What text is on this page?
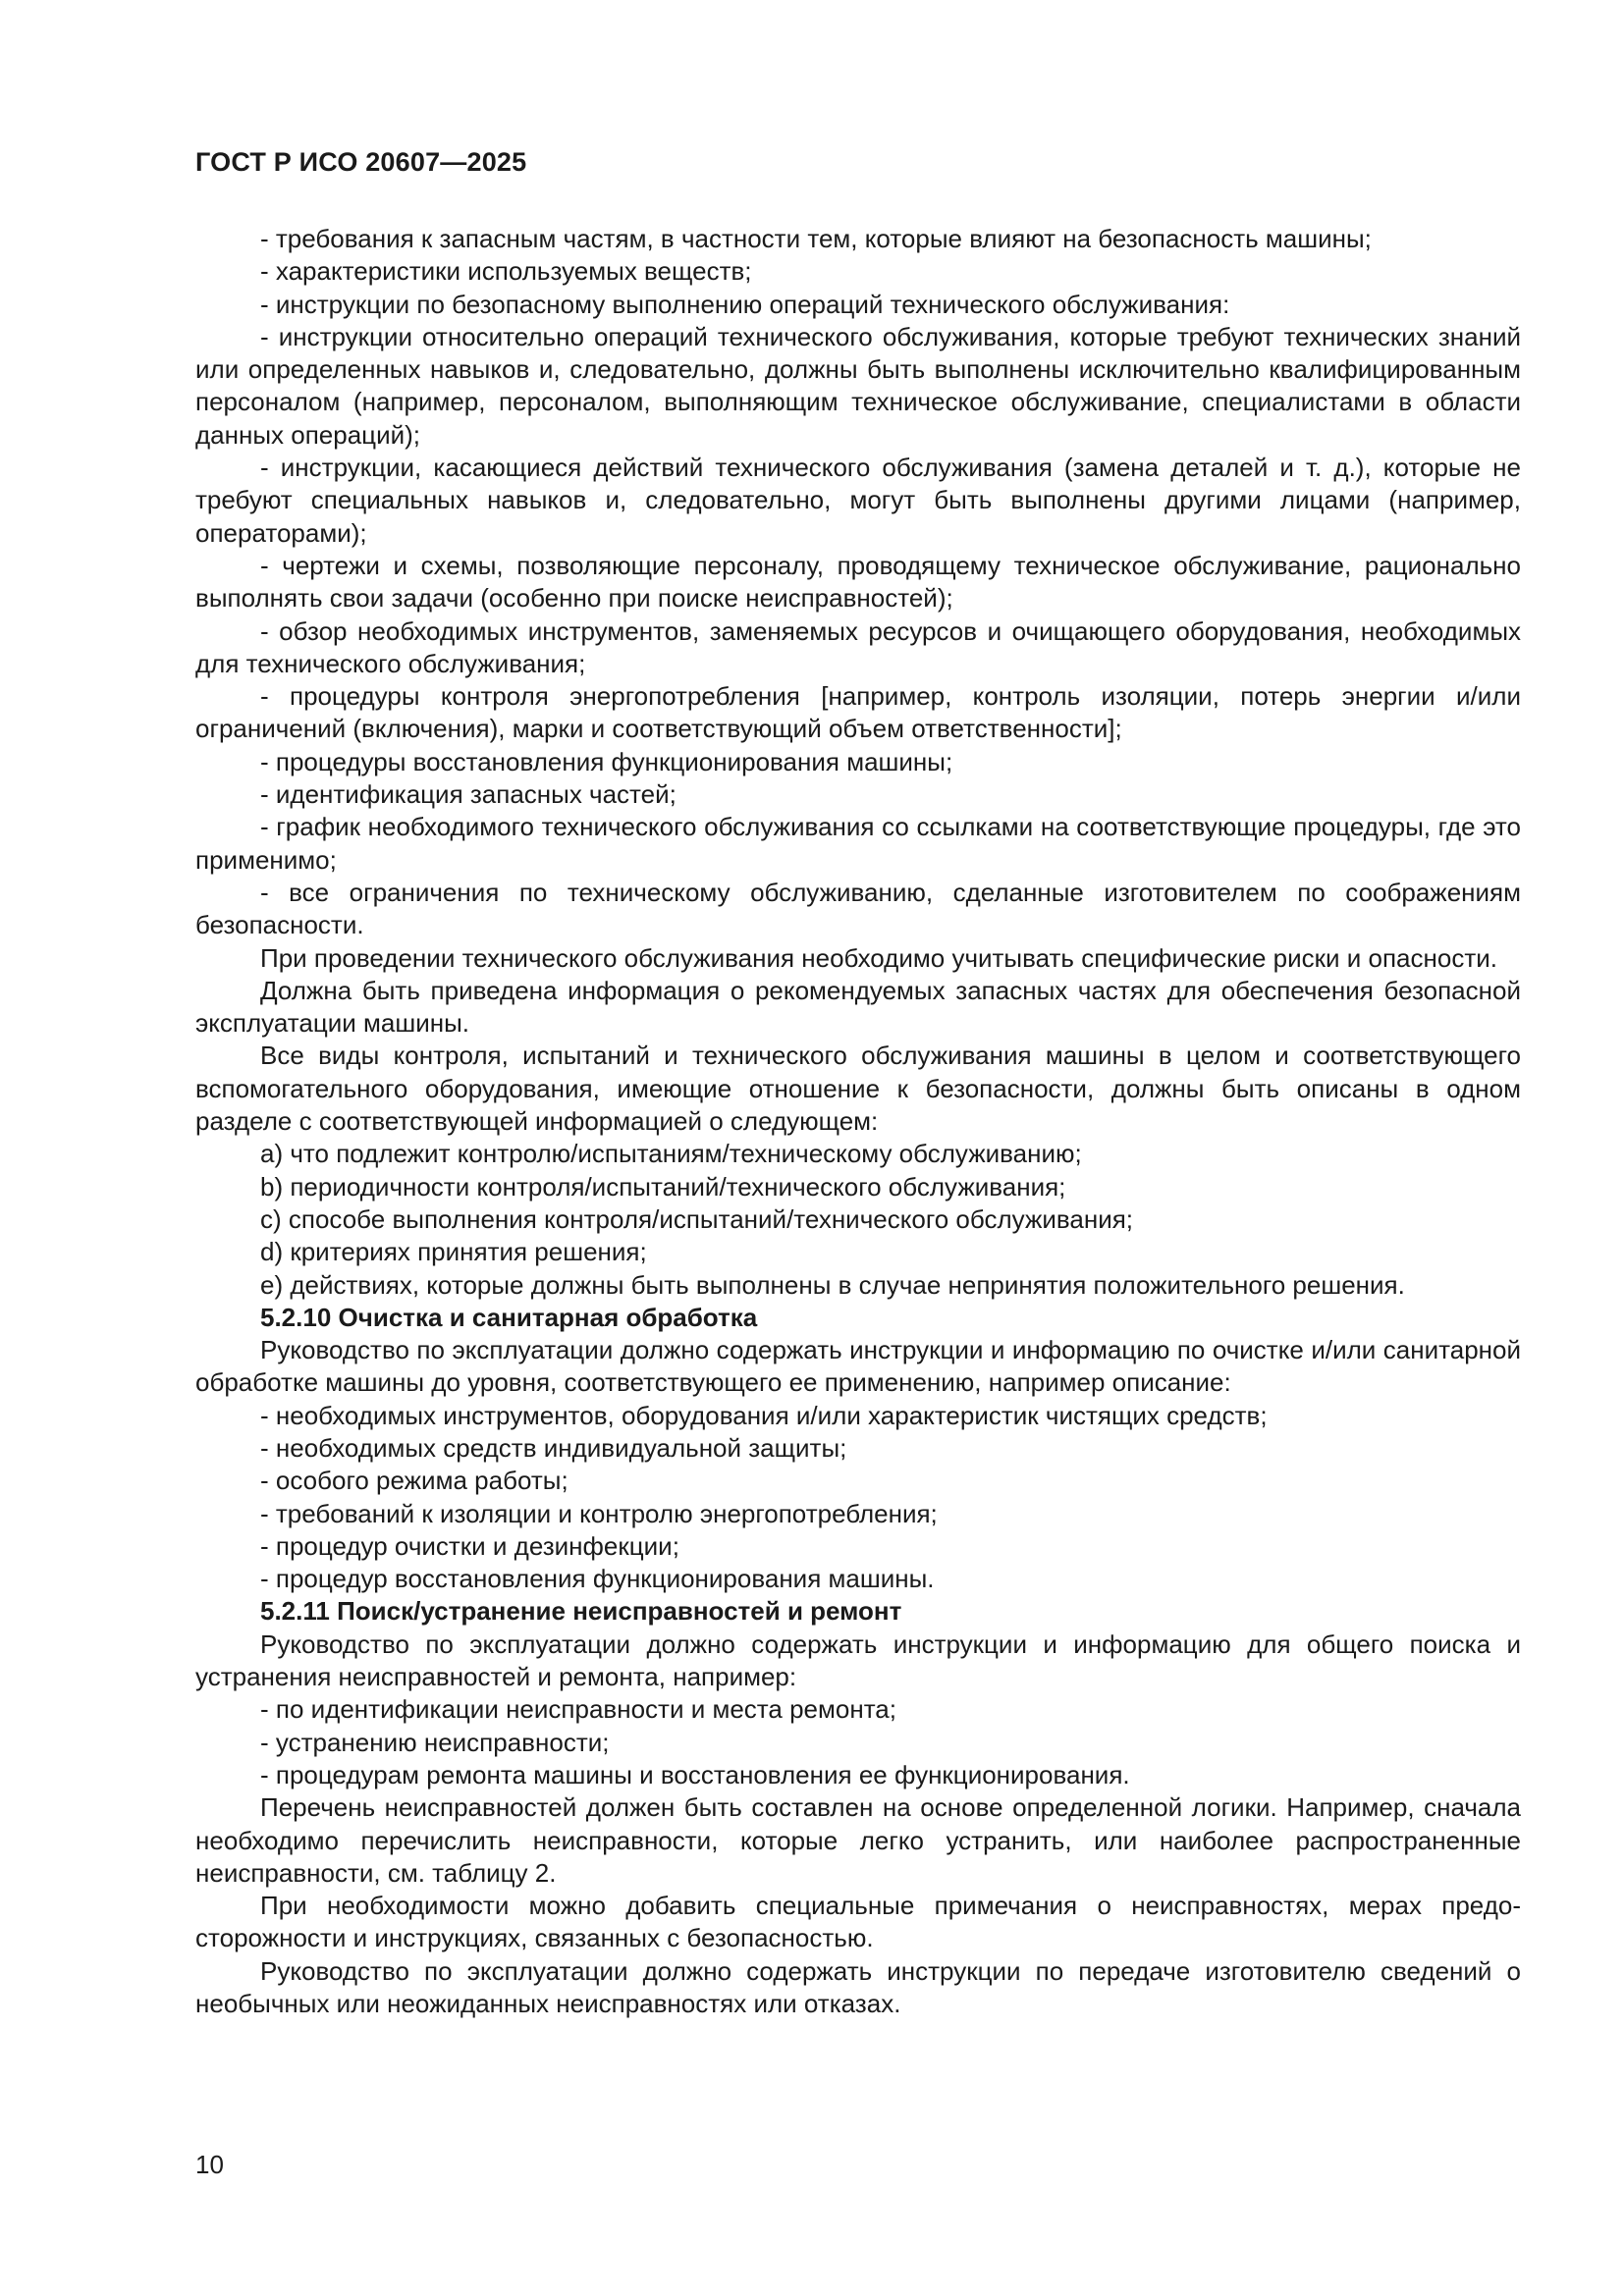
ГОСТ Р ИСО 20607—2025

- требования к запасным частям, в частности тем, которые влияют на безопасность машины;

- характеристики используемых веществ;

- инструкции по безопасному выполнению операций технического обслуживания:

- инструкции относительно операций технического обслуживания, которые требуют технических знаний или определенных навыков и, следовательно, должны быть выполнены исключительно квалифицированным персоналом (например, персоналом, выполняющим техническое обслуживание, специалистами в области данных операций);

- инструкции, касающиеся действий технического обслуживания (замена деталей и т. д.), которые не требуют специальных навыков и, следовательно, могут быть выполнены другими лицами (например, операторами);

- чертежи и схемы, позволяющие персоналу, проводящему техническое обслуживание, рационально выполнять свои задачи (особенно при поиске неисправностей);

- обзор необходимых инструментов, заменяемых ресурсов и очищающего оборудования, необходимых для технического обслуживания;

- процедуры контроля энергопотребления [например, контроль изоляции, потерь энергии и/или ограничений (включения), марки и соответствующий объем ответственности];

- процедуры восстановления функционирования машины;

- идентификация запасных частей;

- график необходимого технического обслуживания со ссылками на соответствующие процедуры, где это применимо;

- все ограничения по техническому обслуживанию, сделанные изготовителем по соображениям безопасности.

При проведении технического обслуживания необходимо учитывать специфические риски и опасности.

Должна быть приведена информация о рекомендуемых запасных частях для обеспечения безопасной эксплуатации машины.

Все виды контроля, испытаний и технического обслуживания машины в целом и соответствующего вспомогательного оборудования, имеющие отношение к безопасности, должны быть описаны в одном разделе с соответствующей информацией о следующем:

a) что подлежит контролю/испытаниям/техническому обслуживанию;

b) периодичности контроля/испытаний/технического обслуживания;

c) способе выполнения контроля/испытаний/технического обслуживания;

d) критериях принятия решения;

e) действиях, которые должны быть выполнены в случае непринятия положительного решения.

5.2.10 Очистка и санитарная обработка

Руководство по эксплуатации должно содержать инструкции и информацию по очистке и/или санитарной обработке машины до уровня, соответствующего ее применению, например описание:

- необходимых инструментов, оборудования и/или характеристик чистящих средств;

- необходимых средств индивидуальной защиты;

- особого режима работы;

- требований к изоляции и контролю энергопотребления;

- процедур очистки и дезинфекции;

- процедур восстановления функционирования машины.

5.2.11 Поиск/устранение неисправностей и ремонт

Руководство по эксплуатации должно содержать инструкции и информацию для общего поиска и устранения неисправностей и ремонта, например:

- по идентификации неисправности и места ремонта;

- устранению неисправности;

- процедурам ремонта машины и восстановления ее функционирования.

Перечень неисправностей должен быть составлен на основе определенной логики. Например, сначала необходимо перечислить неисправности, которые легко устранить, или наиболее распространенные неисправности, см. таблицу 2.

При необходимости можно добавить специальные примечания о неисправностях, мерах предосторожности и инструкциях, связанных с безопасностью.

Руководство по эксплуатации должно содержать инструкции по передаче изготовителю сведений о необычных или неожиданных неисправностях или отказах.

10
